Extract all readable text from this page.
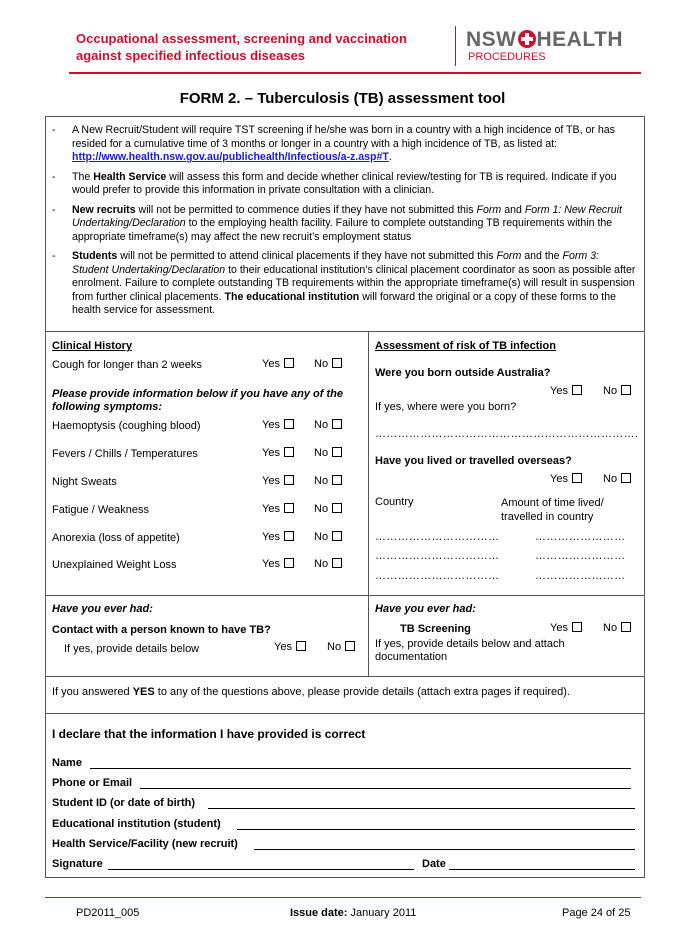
Occupational assessment, screening and vaccination
against specified infectious diseases
NSW HEALTH
PROCEDURES
FORM 2. – Tuberculosis (TB) assessment tool
-	A New Recruit/Student will require TST screening if he/she was born in a country with a high incidence of TB, or has resided for a cumulative time of 3 months or longer in a country with a high incidence of TB, as listed at: http://www.health.nsw.gov.au/publichealth/Infectious/a-z.asp#T.
-	The Health Service will assess this form and decide whether clinical review/testing for TB is required. Indicate if you would prefer to provide this information in private consultation with a clinician.
-	New recruits will not be permitted to commence duties if they have not submitted this Form and Form 1: New Recruit Undertaking/Declaration to the employing health facility. Failure to complete outstanding TB requirements within the appropriate timeframe(s) may affect the new recruit’s employment status
-	Students will not be permitted to attend clinical placements if they have not submitted this Form and the Form 3: Student Undertaking/Declaration to their educational institution’s clinical placement coordinator as soon as possible after enrolment. Failure to complete outstanding TB requirements within the appropriate timeframe(s) will result in suspension from further clinical placements. The educational institution will forward the original or a copy of these forms to the health service for assessment.
Clinical History
Cough for longer than 2 weeks	Yes	No
Please provide information below if you have any of the following symptoms:
Haemoptysis (coughing blood)	Yes	No
Fevers / Chills / Temperatures	Yes	No
Night Sweats	Yes	No
Fatigue / Weakness	Yes	No
Anorexia (loss of appetite)	Yes	No
Unexplained Weight Loss	Yes	No
Assessment of risk of TB infection
Were you born outside Australia?
Yes	No
If yes, where were you born?
…………………………………………………………….
Have you lived or travelled overseas?
Yes	No
Country	Amount of time lived/ travelled in country
……………………………	……………………
……………………………	……………………
……………………………	……………………
Have you ever had:
Contact with a person known to have TB?
If yes, provide details below	Yes	No
Have you ever had:
TB Screening	Yes	No
If yes, provide details below and attach documentation
If you answered YES to any of the questions above, please provide details (attach extra pages if required).
I declare that the information I have provided is correct
Name
Phone or Email
Student ID (or date of birth)
Educational institution (student)
Health Service/Facility (new recruit)
Signature	Date
PD2011_005	Issue date: January 2011	Page 24 of 25
